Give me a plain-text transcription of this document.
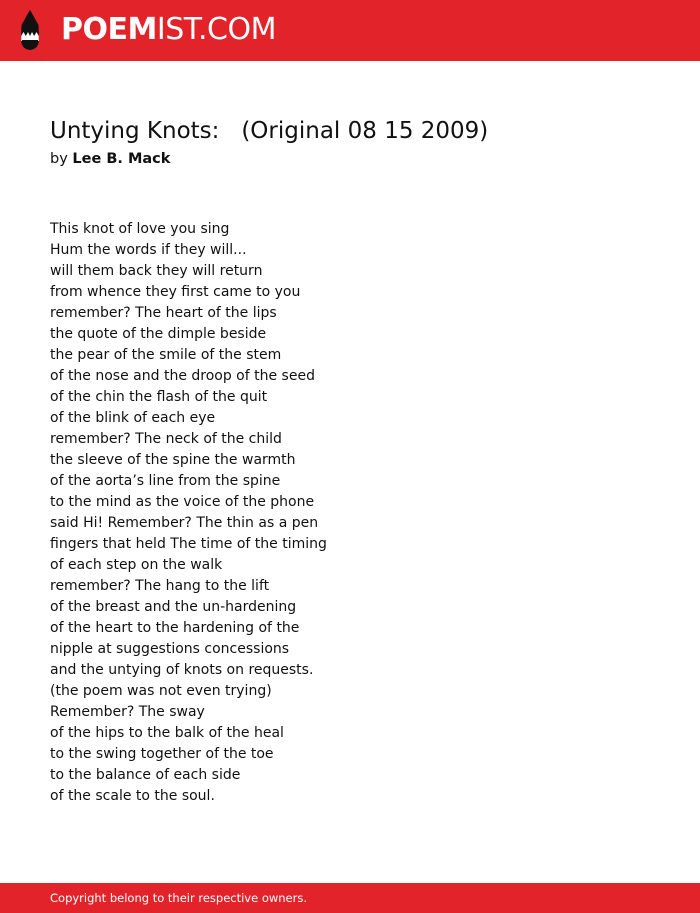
POEMIST.COM
Untying Knots:   (Original 08 15 2009)
by Lee B. Mack
This knot of love you sing
Hum the words if they will...
will them back they will return
from whence they first came to you
remember? The heart of the lips
the quote of the dimple beside
the pear of the smile of the stem
of the nose and the droop of the seed
of the chin the flash of the quit
of the blink of each eye
remember? The neck of the child
the sleeve of the spine the warmth
of the aorta’s line from the spine
to the mind as the voice of the phone
said Hi! Remember? The thin as a pen
fingers that held The time of the timing
of each step on the walk
remember? The hang to the lift
of the breast and the un-hardening
of the heart to the hardening of the
nipple at suggestions concessions
and the untying of knots on requests.
(the poem was not even trying)
Remember? The sway
of the hips to the balk of the heal
to the swing together of the toe
to the balance of each side
of the scale to the soul.
Copyright belong to their respective owners.
